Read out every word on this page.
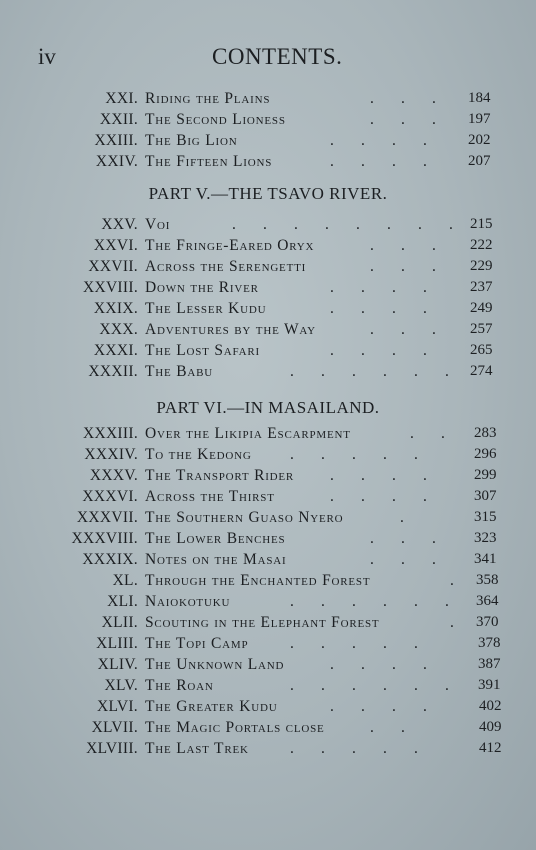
iv	CONTENTS.
PART V.—THE TSAVO RIVER.
PART VI.—IN MASAILAND.
XXI. Riding the Plains	.       .       . 184
XXII. The Second Lioness	.       .       . 197
XXIII. The Big Lion	.       .       .       .	202
XXIV. The Fifteen Lions	.       .       .       .	207
XXV. Voi	.       .       .       .       .       .       .       . 215
XXVI. The Fringe-Eared Oryx	.       .       . 222
XXVII. Across the Serengetti	.       .       . 229
XXVIII. Down the River	.       .       .       .	237
XXIX. The Lesser Kudu	.       .       .       .	249
XXX. Adventures by the Way	.       .       . 257
XXXI. The Lost Safari	.       .       .       .	265
XXXII. The Babu	.       .       .       .       .       . 274
XXXIII. Over the Likipia Escarpment	.       . 283
XXXIV. To the Kedong .       .       .       .       .	296
XXXV. The Transport Rider .       .       .       .	299
XXXVI. Across the Thirst	.       .       .       .	307
XXXVII. The Southern Guaso Nyero	.	315
XXXVIII. The Lower Benches	.       .       .	323
XXXIX. Notes on the Masai	.       .       .	341
XL. Through the Enchanted Forest	. 358
XLI. Naiokotuku	.       .       .       .       .       . 364
XLII. Scouting in the Elephant Forest	. 370
XLIII. The Topi Camp	.       .       .       .       .	378
XLIV. The Unknown Land	.       .       .       .	387
XLV. The Roan	.       .       .       .       .       . 391
XLVI. The Greater Kudu	.       .       .       .	402
XLVII. The Magic Portals close	.       .	409
XLVIII. The Last Trek	.       .       .       .       .	412
